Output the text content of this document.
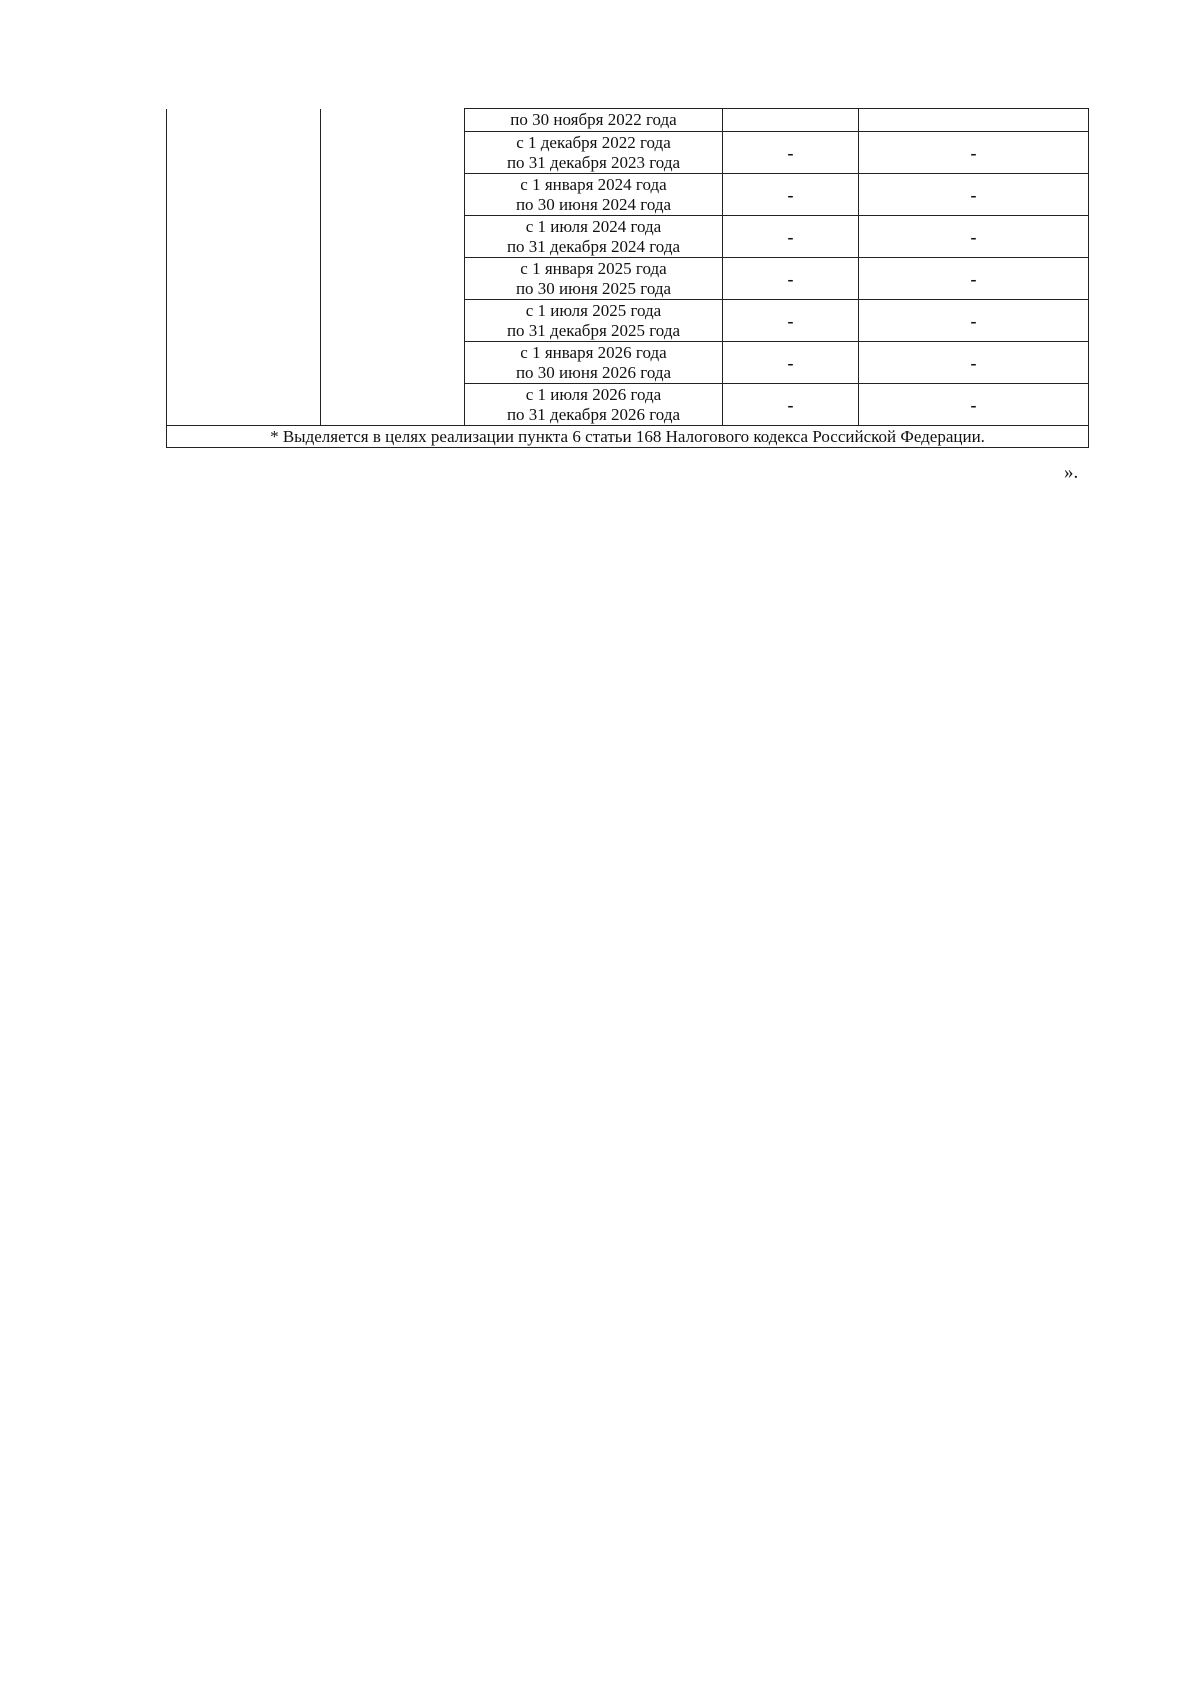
		по 30 ноября 2022 года		

		с 1 декабря 2022 года
по 31 декабря 2023 года	-	-

		с 1 января 2024 года
по 30 июня 2024 года	-	-

		с 1 июля 2024 года
по 31 декабря 2024 года	-	-

		с 1 января 2025 года
по 30 июня 2025 года	-	-

		с 1 июля 2025 года
по 31 декабря 2025 года	-	-

		с 1 января 2026 года
по 30 июня 2026 года	-	-

		с 1 июля 2026 года
по 31 декабря 2026 года	-	-
* Выделяется в целях реализации пункта 6 статьи 168 Налогового кодекса Российской Федерации.				
».
